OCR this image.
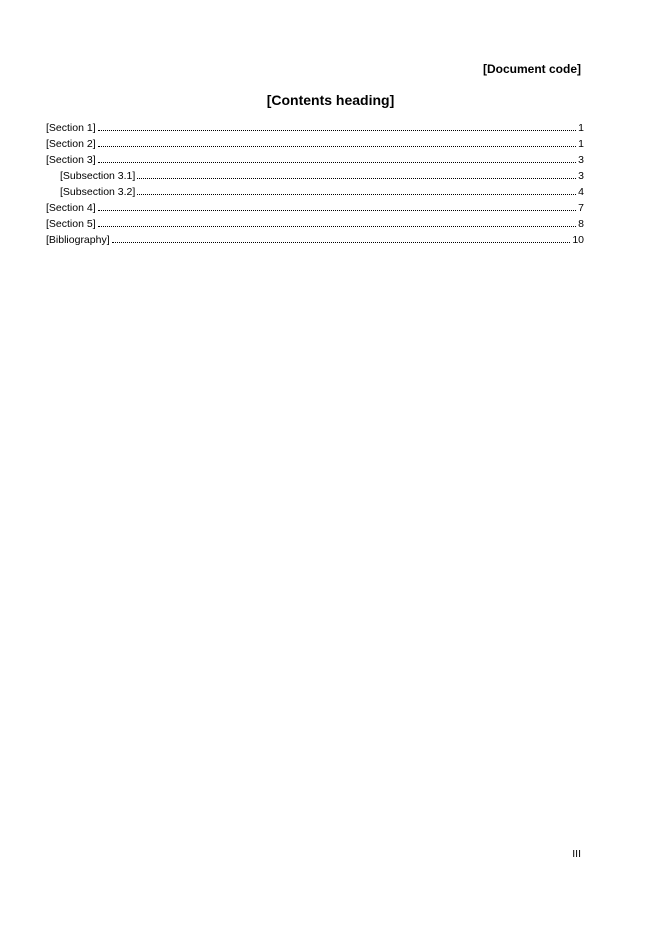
[Document code]
[Contents heading]
[Section 1]	1
[Section 2]	1
[Section 3]	3
[Subsection 3.1]	3
[Subsection 3.2]	4
[Section 4]	7
[Section 5]	8
[Bibliography]	10
III
